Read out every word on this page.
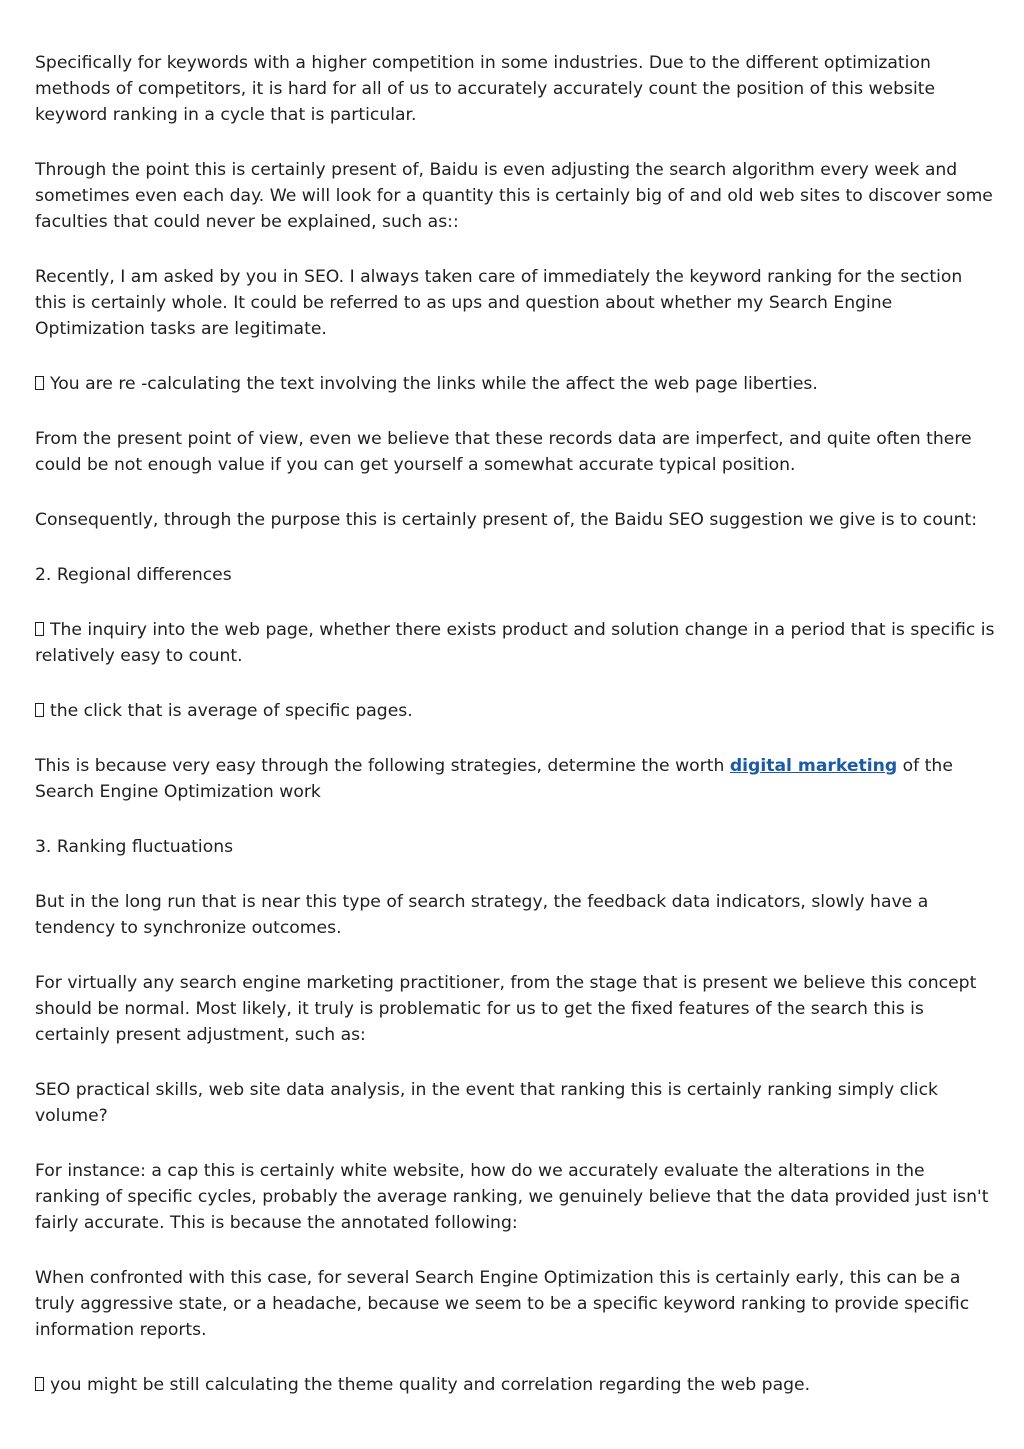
Specifically for keywords with a higher competition in some industries. Due to the different optimization methods of competitors, it is hard for all of us to accurately accurately count the position of this website keyword ranking in a cycle that is particular.

Through the point this is certainly present of, Baidu is even adjusting the search algorithm every week and sometimes even each day. We will look for a quantity this is certainly big of and old web sites to discover some faculties that could never be explained, such as::

Recently, I am asked by you in SEO. I always taken care of immediately the keyword ranking for the section this is certainly whole. It could be referred to as ups and question about whether my Search Engine Optimization tasks are legitimate.

You are re -calculating the text involving the links while the affect the web page liberties.

From the present point of view, even we believe that these records data are imperfect, and quite often there could be not enough value if you can get yourself a somewhat accurate typical position.

Consequently, through the purpose this is certainly present of, the Baidu SEO suggestion we give is to count:

2. Regional differences

The inquiry into the web page, whether there exists product and solution change in a period that is specific is relatively easy to count.

the click that is average of specific pages.

This is because very easy through the following strategies, determine the worth digital marketing of the Search Engine Optimization work

3. Ranking fluctuations

But in the long run that is near this type of search strategy, the feedback data indicators, slowly have a tendency to synchronize outcomes.

For virtually any search engine marketing practitioner, from the stage that is present we believe this concept should be normal. Most likely, it truly is problematic for us to get the fixed features of the search this is certainly present adjustment, such as:

SEO practical skills, web site data analysis, in the event that ranking this is certainly ranking simply click volume?

For instance: a cap this is certainly white website, how do we accurately evaluate the alterations in the ranking of specific cycles, probably the average ranking, we genuinely believe that the data provided just isn't fairly accurate. This is because the annotated following:

When confronted with this case, for several Search Engine Optimization this is certainly early, this can be a truly aggressive state, or a headache, because we seem to be a specific keyword ranking to provide specific information reports.

you might be still calculating the theme quality and correlation regarding the web page.
